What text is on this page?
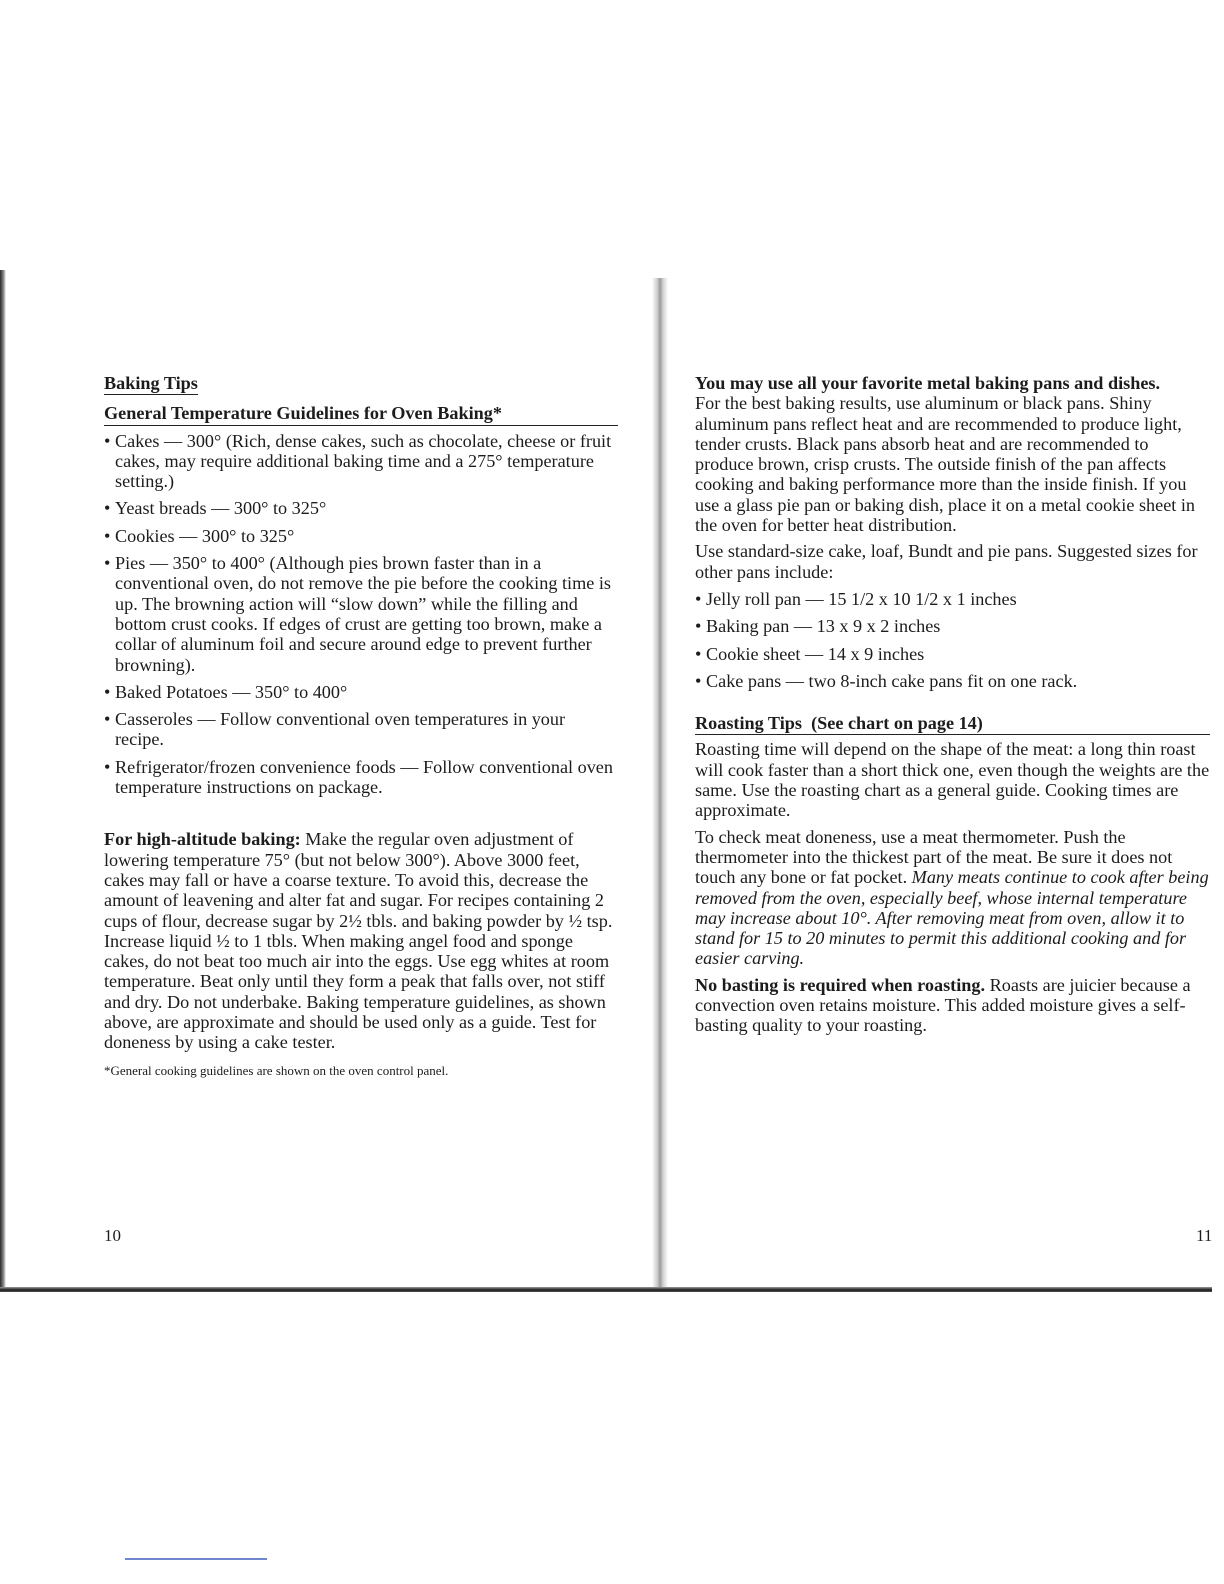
Baking Tips

General Temperature Guidelines for Oven Baking*

• Cakes — 300° (Rich, dense cakes, such as chocolate, cheese or fruit cakes, may require additional baking time and a 275° temperature setting.)
• Yeast breads — 300° to 325°
• Cookies — 300° to 325°
• Pies — 350° to 400° (Although pies brown faster than in a conventional oven, do not remove the pie before the cooking time is up. The browning action will “slow down” while the filling and bottom crust cooks. If edges of crust are getting too brown, make a collar of aluminum foil and secure around edge to prevent further browning).
• Baked Potatoes — 350° to 400°
• Casseroles — Follow conventional oven temperatures in your recipe.
• Refrigerator/frozen convenience foods — Follow conventional oven temperature instructions on package.

For high-altitude baking: Make the regular oven adjustment of lowering temperature 75° (but not below 300°). Above 3000 feet, cakes may fall or have a coarse texture. To avoid this, decrease the amount of leavening and alter fat and sugar. For recipes containing 2 cups of flour, decrease sugar by 2½ tbls. and baking powder by ½ tsp. Increase liquid ½ to 1 tbls. When making angel food and sponge cakes, do not beat too much air into the eggs. Use egg whites at room temperature. Beat only until they form a peak that falls over, not stiff and dry. Do not underbake. Baking temperature guidelines, as shown above, are approximate and should be used only as a guide. Test for doneness by using a cake tester.

*General cooking guidelines are shown on the oven control panel.

10

You may use all your favorite metal baking pans and dishes.
For the best baking results, use aluminum or black pans. Shiny aluminum pans reflect heat and are recommended to produce light, tender crusts. Black pans absorb heat and are recommended to produce brown, crisp crusts. The outside finish of the pan affects cooking and baking performance more than the inside finish. If you use a glass pie pan or baking dish, place it on a metal cookie sheet in the oven for better heat distribution.

Use standard-size cake, loaf, Bundt and pie pans. Suggested sizes for other pans include:

• Jelly roll pan — 15 1/2 x 10 1/2 x 1 inches
• Baking pan — 13 x 9 x 2 inches
• Cookie sheet — 14 x 9 inches
• Cake pans — two 8-inch cake pans fit on one rack.

Roasting Tips  (See chart on page 14)

Roasting time will depend on the shape of the meat: a long thin roast will cook faster than a short thick one, even though the weights are the same. Use the roasting chart as a general guide. Cooking times are approximate.

To check meat doneness, use a meat thermometer. Push the thermometer into the thickest part of the meat. Be sure it does not touch any bone or fat pocket. Many meats continue to cook after being removed from the oven, especially beef, whose internal temperature may increase about 10°. After removing meat from oven, allow it to stand for 15 to 20 minutes to permit this additional cooking and for easier carving.

No basting is required when roasting. Roasts are juicier because a convection oven retains moisture. This added moisture gives a self-basting quality to your roasting.

11
